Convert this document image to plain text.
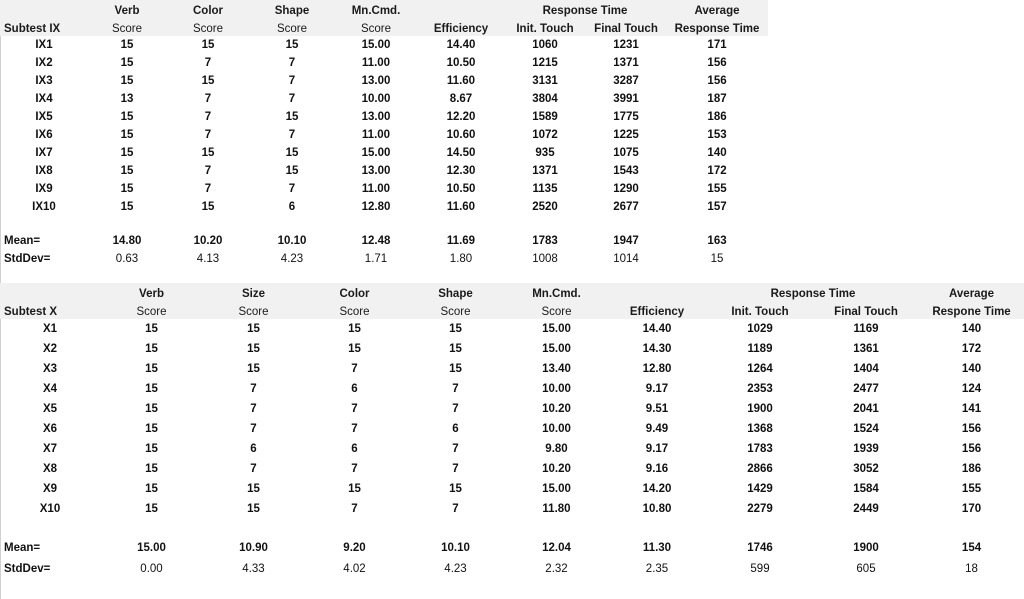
	Verb	Color	Shape	Mn.Cmd.		Response Time		Average
Subtest IX	Score	Score	Score	Score	Efficiency	Init. Touch	Final Touch	Response Time
IX1	15	15	15	15.00	14.40	1060	1231	171
IX2	15	7	7	11.00	10.50	1215	1371	156
IX3	15	15	7	13.00	11.60	3131	3287	156
IX4	13	7	7	10.00	8.67	3804	3991	187
IX5	15	7	15	13.00	12.20	1589	1775	186
IX6	15	7	7	11.00	10.60	1072	1225	153
IX7	15	15	15	15.00	14.50	935	1075	140
IX8	15	7	15	13.00	12.30	1371	1543	172
IX9	15	7	7	11.00	10.50	1135	1290	155
IX10	15	15	6	12.80	11.60	2520	2677	157

Mean=	14.80	10.20	10.10	12.48	11.69	1783	1947	163
StdDev=	0.63	4.13	4.23	1.71	1.80	1008	1014	15
	Verb	Size	Color	Shape	Mn.Cmd.		Response Time		Average
Subtest X	Score	Score	Score	Score	Score	Efficiency	Init. Touch	Final Touch	Respone Time
X1	15	15	15	15	15.00	14.40	1029	1169	140
X2	15	15	15	15	15.00	14.30	1189	1361	172
X3	15	15	7	15	13.40	12.80	1264	1404	140
X4	15	7	6	7	10.00	9.17	2353	2477	124
X5	15	7	7	7	10.20	9.51	1900	2041	141
X6	15	7	7	6	10.00	9.49	1368	1524	156
X7	15	6	6	7	9.80	9.17	1783	1939	156
X8	15	7	7	7	10.20	9.16	2866	3052	186
X9	15	15	15	15	15.00	14.20	1429	1584	155
X10	15	15	7	7	11.80	10.80	2279	2449	170

Mean=	15.00	10.90	9.20	10.10	12.04	11.30	1746	1900	154
StdDev=	0.00	4.33	4.02	4.23	2.32	2.35	599	605	18
